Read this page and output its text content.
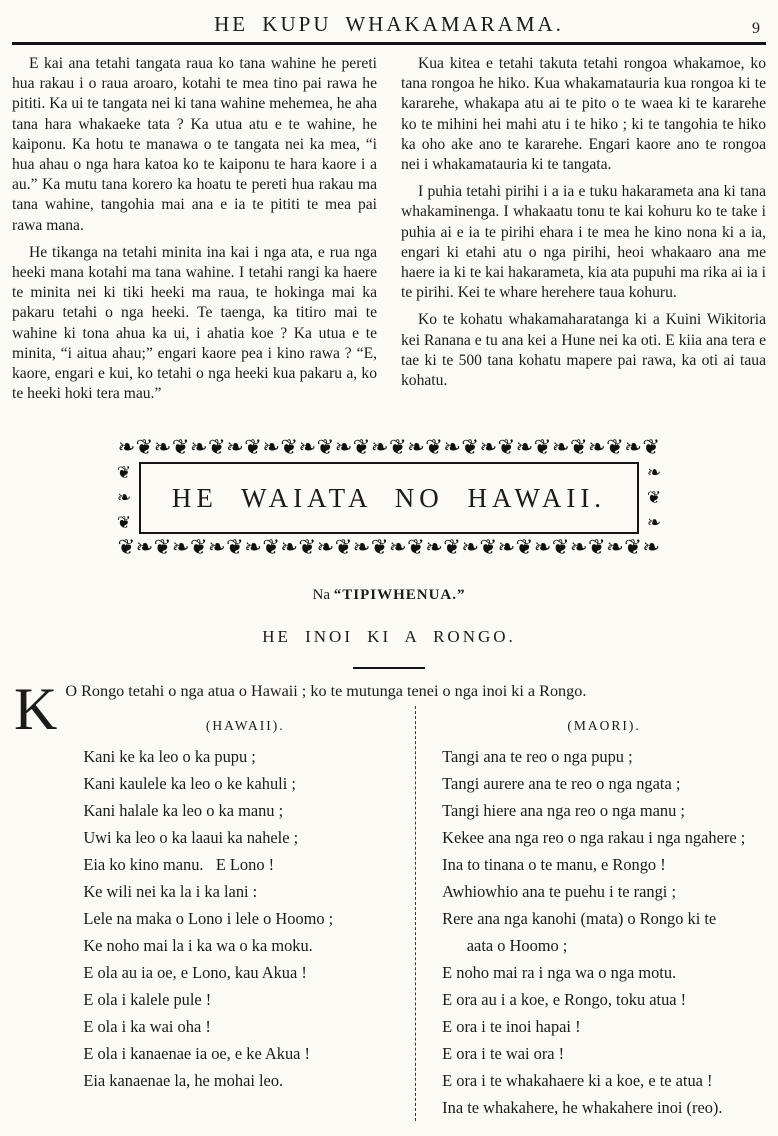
HE KUPU WHAKAMARAMA.	9

E kai ana tetahi tangata raua ko tana wahine he pereti hua rakau i o raua aroaro, kotahi te mea tino pai rawa he pititi. Ka ui te tangata nei ki tana wahine mehemea, he aha tana hara whakaeke tata ? Ka utua atu e te wahine, he kaiponu. Ka hotu te manawa o te tangata nei ka mea, “i hua ahau o nga hara katoa ko te kaiponu te hara kaore i a au.” Ka mutu tana korero ka hoatu te pereti hua rakau ma tana wahine, tangohia mai ana e ia te pititi te mea pai rawa mana.

He tikanga na tetahi minita ina kai i nga ata, e rua nga heeki mana kotahi ma tana wahine. I tetahi rangi ka haere te minita nei ki tiki heeki ma raua, te hokinga mai ka pakaru tetahi o nga heeki. Te taenga, ka titiro mai te wahine ki tona ahua ka ui, i ahatia koe ? Ka utua e te minita, “i aitua ahau;” engari kaore pea i kino rawa ? “E, kaore, engari e kui, ko tetahi o nga heeki kua pakaru a, ko te heeki hoki tera mau.”

Kua kitea e tetahi takuta tetahi rongoa whakamoe, ko tana rongoa he hiko. Kua whakamatauria kua rongoa ki te kararehe, whakapa atu ai te pito o te waea ki te kararehe ko te mihini hei mahi atu i te hiko ; ki te tangohia te hiko ka oho ake ano te kararehe. Engari kaore ano te rongoa nei i whakamatauria ki te tangata.

I puhia tetahi pirihi i a ia e tuku hakarameta ana ki tana whakaminenga. I whakaatu tonu te kai kohuru ko te take i puhia ai e ia te pirihi ehara i te mea he kino nona ki a ia, engari ki etahi atu o nga pirihi, heoi whakaaro ana me haere ia ki te kai hakarameta, kia ata pupuhi ma rika ai ia i te pirihi. Kei te whare herehere taua kohuru.

Ko te kohatu whakamaharatanga ki a Kuini Wikitoria kei Ranana e tu ana kei a Hune nei ka oti. E kiia ana tera e tae ki te 500 tana kohatu mapere pai rawa, ka oti ai taua kohatu.

❧❦❧❦❧❦❧❦❧❦❧❦❧❦❧❦❧❦❧❦❧❦❧❦❧❦❧❦❧❦
❦
❧
❦
HE WAIATA NO HAWAII.
❧
❦
❧
❦❧❦❧❦❧❦❧❦❧❦❧❦❧❦❧❦❧❦❧❦❧❦❧❦❧❦❧❦❧
Na “TIPIWHENUA.”
HE INOI KI A RONGO.
K O Rongo tetahi o nga atua o Hawaii ; ko te mutunga tenei o nga inoi ki a Rongo.
(HAWAII).
Kani ke ka leo o ka pupu ;
Kani kaulele ka leo o ke kahuli ;
Kani halale ka leo o ka manu ;
Uwi ka leo o ka laaui ka nahele ;
Eia ko kino manu.   E Lono !
Ke wili nei ka la i ka lani :
Lele na maka o Lono i lele o Hoomo ;
Ke noho mai la i ka wa o ka moku.
E ola au ia oe, e Lono, kau Akua !
E ola i kalele pule !
E ola i ka wai oha !
E ola i kanaenae ia oe, e ke Akua !
Eia kanaenae la, he mohai leo.
(MAORI).
Tangi ana te reo o nga pupu ;
Tangi aurere ana te reo o nga ngata ;
Tangi hiere ana nga reo o nga manu ;
Kekee ana nga reo o nga rakau i nga ngahere ;
Ina to tinana o te manu, e Rongo !
Awhiowhio ana te puehu i te rangi ;
Rere ana nga kanohi (mata) o Rongo ki te
aata o Hoomo ;
E noho mai ra i nga wa o nga motu.
E ora au i a koe, e Rongo, toku atua !
E ora i te inoi hapai !
E ora i te wai ora !
E ora i te whakahaere ki a koe, e te atua !
Ina te whakahere, he whakahere inoi (reo).
